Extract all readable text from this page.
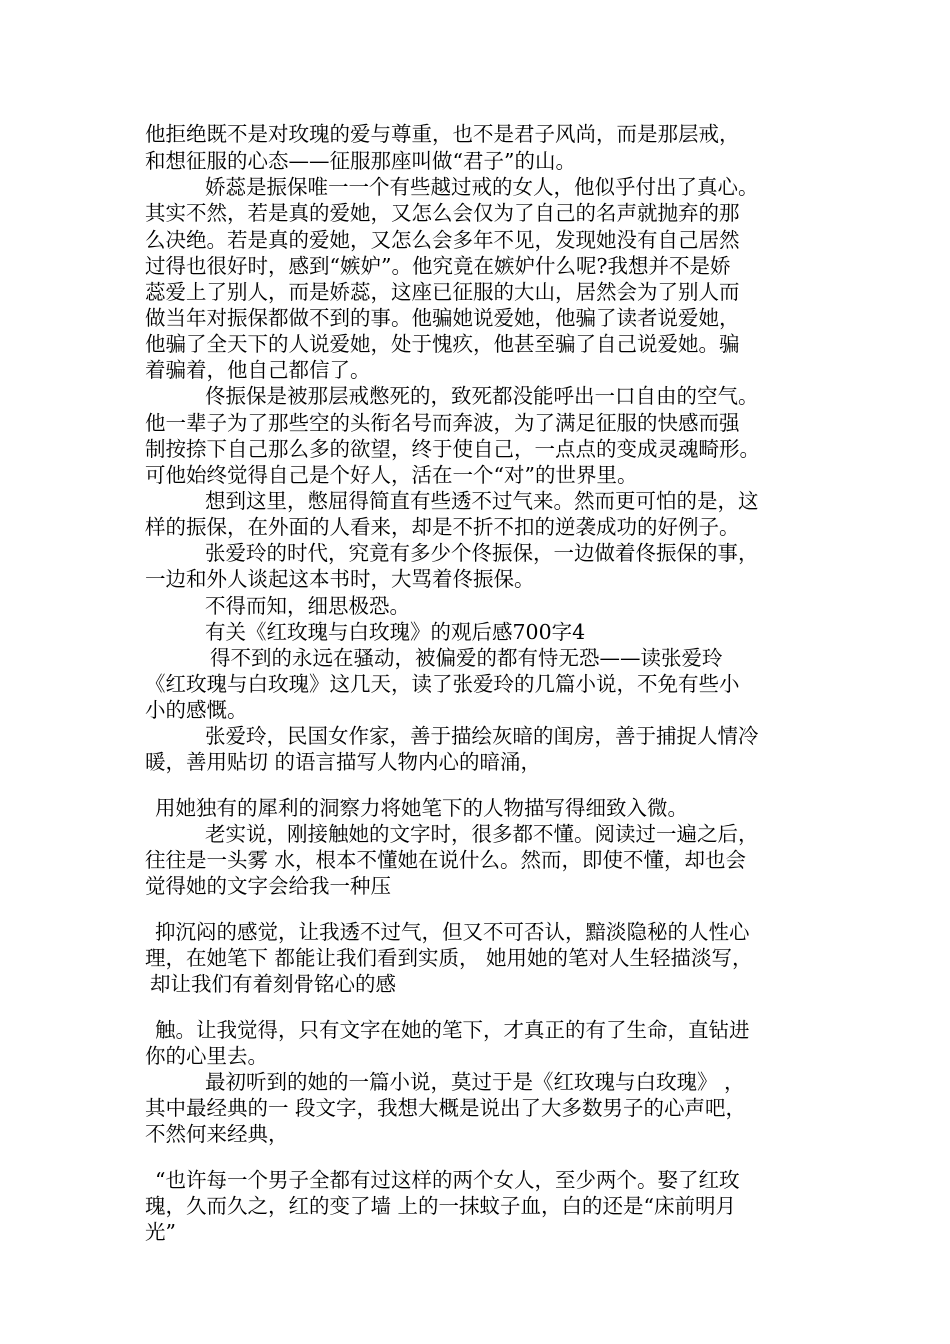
他拒绝既不是对玫瑰的爱与尊重，也不是君子风尚，而是那层戒，

和想征服的心态——征服那座叫做“君子”的山。

娇蕊是振保唯一一个有些越过戒的女人，他似乎付出了真心。

其实不然，若是真的爱她，又怎么会仅为了自己的名声就抛弃的那

么决绝。若是真的爱她，又怎么会多年不见，发现她没有自己居然

过得也很好时，感到“嫉妒”。他究竟在嫉妒什么呢?我想并不是娇

蕊爱上了别人，而是娇蕊，这座已征服的大山，居然会为了别人而

做当年对振保都做不到的事。他骗她说爱她，他骗了读者说爱她，

他骗了全天下的人说爱她，处于愧疚，他甚至骗了自己说爱她。骗

着骗着，他自己都信了。

佟振保是被那层戒憋死的，致死都没能呼出一口自由的空气。

他一辈子为了那些空的头衔名号而奔波，为了满足征服的快感而强

制按捺下自己那么多的欲望，终于使自己，一点点的变成灵魂畸形。

可他始终觉得自己是个好人，活在一个“对”的世界里。

想到这里，憋屈得简直有些透不过气来。然而更可怕的是，这

样的振保，在外面的人看来，却是不折不扣的逆袭成功的好例子。

张爱玲的时代，究竟有多少个佟振保，一边做着佟振保的事，

一边和外人谈起这本书时，大骂着佟振保。

不得而知，细思极恐。

有关《红玫瑰与白玫瑰》的观后感700字4

得不到的永远在骚动，被偏爱的都有恃无恐——读张爱玲

《红玫瑰与白玫瑰》这几天，读了张爱玲的几篇小说，不免有些小

小的感慨。

张爱玲，民国女作家，善于描绘灰暗的闺房，善于捕捉人情冷

暖，善用贴切 的语言描写人物内心的暗涌，

用她独有的犀利的洞察力将她笔下的人物描写得细致入微。

老实说，刚接触她的文字时，很多都不懂。阅读过一遍之后，

往往是一头雾 水，根本不懂她在说什么。然而，即使不懂，却也会

觉得她的文字会给我一种压

抑沉闷的感觉，让我透不过气，但又不可否认，黯淡隐秘的人性心

理，在她笔下 都能让我们看到实质， 她用她的笔对人生轻描淡写，

却让我们有着刻骨铭心的感

触。让我觉得，只有文字在她的笔下，才真正的有了生命，直钻进

你的心里去。

最初听到的她的一篇小说，莫过于是《红玫瑰与白玫瑰》 ，

其中最经典的一 段文字，我想大概是说出了大多数男子的心声吧，

不然何来经典，

“也许每一个男子全都有过这样的两个女人，至少两个。娶了红玫

瑰，久而久之，红的变了墙 上的一抹蚊子血，白的还是“床前明月

光”
